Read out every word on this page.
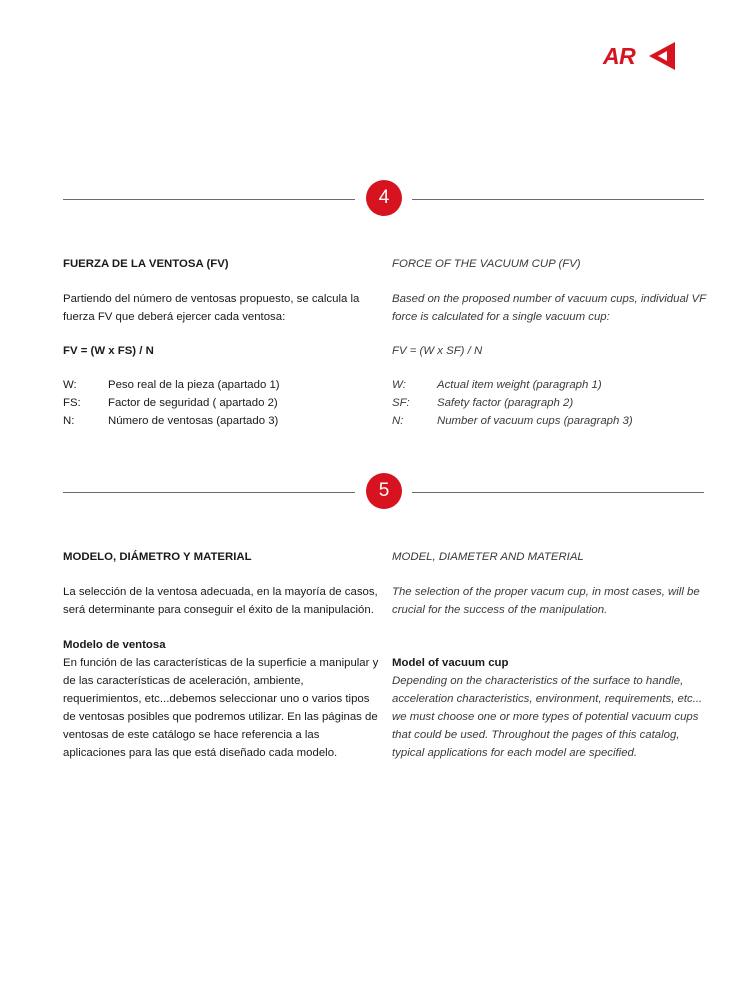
AR
4

FUERZA DE LA VENTOSA (FV)

Partiendo del número de ventosas propuesto, se calcula la fuerza FV que deberá ejercer cada ventosa:

FV = (W x FS) / N

W:	Peso real de la pieza (apartado 1)
FS:	Factor de seguridad ( apartado 2)
N:	Número de ventosas (apartado 3)

FORCE OF THE VACUUM CUP (FV)

Based on the proposed number of vacuum cups, individual VF force is calculated for a single vacuum cup:

FV = (W x SF) / N

W:	Actual item weight (paragraph 1)
SF:	Safety factor (paragraph 2)
N:	Number of vacuum cups (paragraph 3)
5

MODELO, DIÁMETRO Y MATERIAL

La selección de la ventosa adecuada, en la mayoría de casos, será determinante para conseguir el éxito de la manipulación.

Modelo de ventosa

En función de las características de la superficie a manipular y de las características de aceleración, ambiente, requerimientos, etc...debemos seleccionar uno o varios tipos de ventosas posibles que podremos utilizar. En las páginas de ventosas de este catálogo se hace referencia a las aplicaciones para las que está diseñado cada modelo.

MODEL, DIAMETER AND MATERIAL

The selection of the proper vacum cup, in most cases, will be crucial for the success of the manipulation.

Model of vacuum cup

Depending on the characteristics of the surface to handle, acceleration characteristics, environment, requirements, etc... we must choose one or more types of potential vacuum cups that could be used. Throughout the pages of this catalog, typical applications for each model are specified.
